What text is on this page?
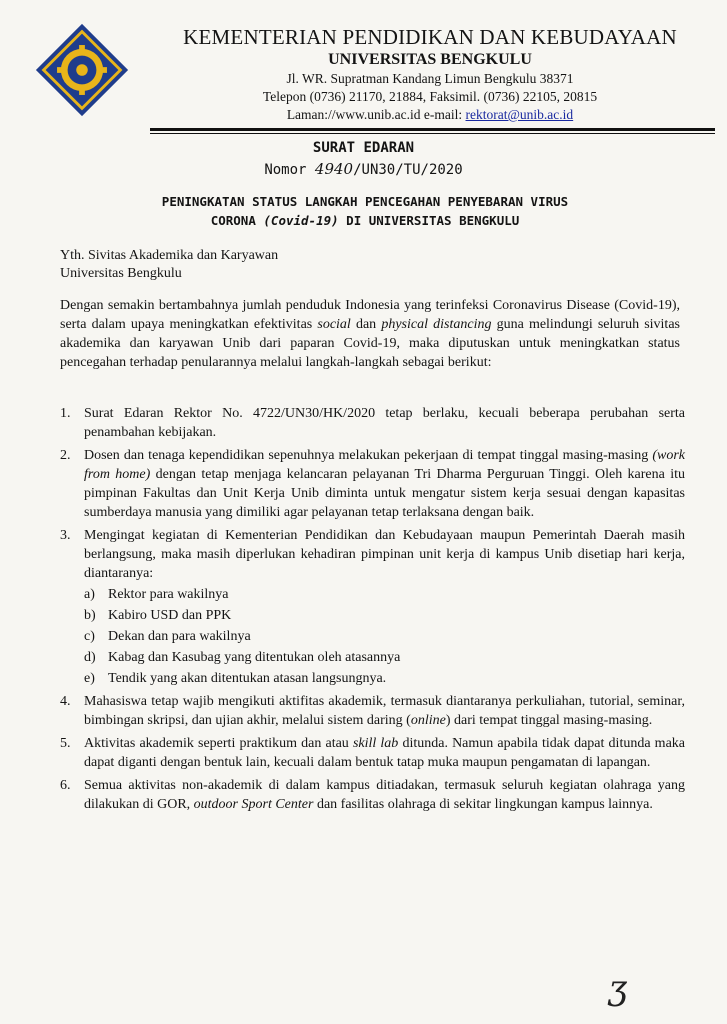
KEMENTERIAN PENDIDIKAN DAN KEBUDAYAAN
UNIVERSITAS BENGKULU
Jl. WR. Supratman Kandang Limun Bengkulu 38371
Telepon (0736) 21170, 21884, Faksimil. (0736) 22105, 20815
Laman://www.unib.ac.id e-mail: rektorat@unib.ac.id
SURAT EDARAN
Nomor 4940/UN30/TU/2020
PENINGKATAN STATUS LANGKAH PENCEGAHAN PENYEBARAN VIRUS
CORONA (Covid-19) DI UNIVERSITAS BENGKULU
Yth. Sivitas Akademika dan Karyawan
Universitas Bengkulu
Dengan semakin bertambahnya jumlah penduduk Indonesia yang terinfeksi Coronavirus Disease (Covid-19), serta dalam upaya meningkatkan efektivitas social dan physical distancing guna melindungi seluruh sivitas akademika dan karyawan Unib dari paparan Covid-19, maka diputuskan untuk meningkatkan status pencegahan terhadap penularannya melalui langkah-langkah sebagai berikut:
1. Surat Edaran Rektor No. 4722/UN30/HK/2020 tetap berlaku, kecuali beberapa perubahan serta penambahan kebijakan.
2. Dosen dan tenaga kependidikan sepenuhnya melakukan pekerjaan di tempat tinggal masing-masing (work from home) dengan tetap menjaga kelancaran pelayanan Tri Dharma Perguruan Tinggi. Oleh karena itu pimpinan Fakultas dan Unit Kerja Unib diminta untuk mengatur sistem kerja sesuai dengan kapasitas sumberdaya manusia yang dimiliki agar pelayanan tetap terlaksana dengan baik.
3. Mengingat kegiatan di Kementerian Pendidikan dan Kebudayaan maupun Pemerintah Daerah masih berlangsung, maka masih diperlukan kehadiran pimpinan unit kerja di kampus Unib disetiap hari kerja, diantaranya:
a) Rektor para wakilnya
b) Kabiro USD dan PPK
c) Dekan dan para wakilnya
d) Kabag dan Kasubag yang ditentukan oleh atasannya
e) Tendik yang akan ditentukan atasan langsungnya.
4. Mahasiswa tetap wajib mengikuti aktifitas akademik, termasuk diantaranya perkuliahan, tutorial, seminar, bimbingan skripsi, dan ujian akhir, melalui sistem daring (online) dari tempat tinggal masing-masing.
5. Aktivitas akademik seperti praktikum dan atau skill lab ditunda. Namun apabila tidak dapat ditunda maka dapat diganti dengan bentuk lain, kecuali dalam bentuk tatap muka maupun pengamatan di lapangan.
6. Semua aktivitas non-akademik di dalam kampus ditiadakan, termasuk seluruh kegiatan olahraga yang dilakukan di GOR, outdoor Sport Center dan fasilitas olahraga di sekitar lingkungan kampus lainnya.
ʒ
